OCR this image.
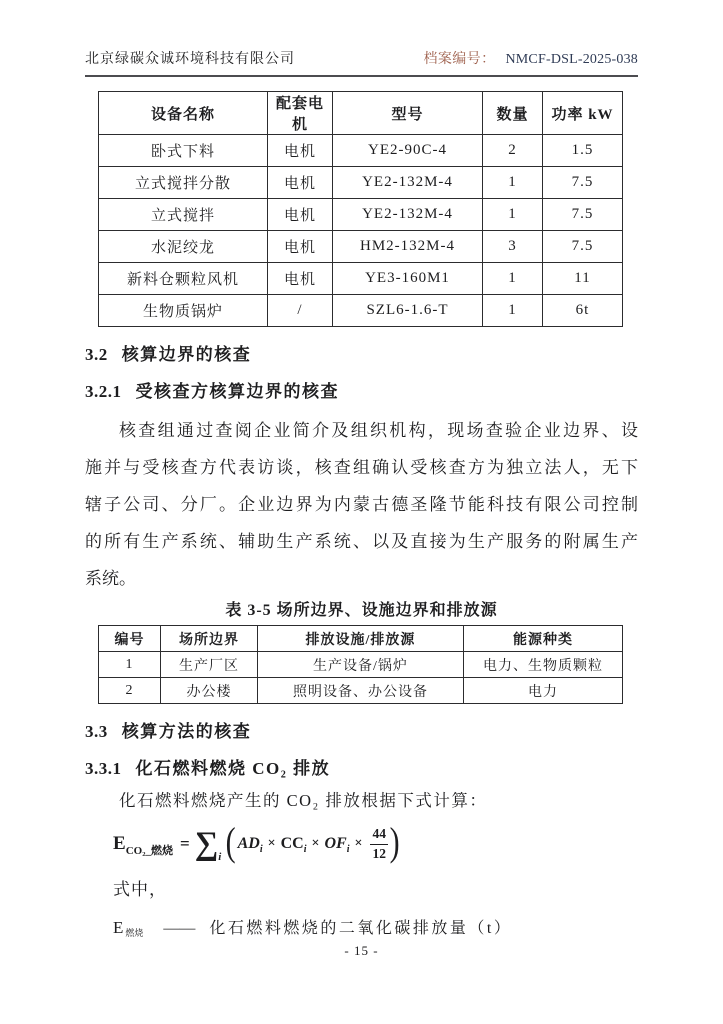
北京绿碳众诚环境科技有限公司	档案编号： NMCF-DSL-2025-038
设备名称	配套电机	型号	数量	功率 kW
卧式下料	电机	YE2-90C-4	2	1.5
立式搅拌分散	电机	YE2-132M-4	1	7.5
立式搅拌	电机	YE2-132M-4	1	7.5
水泥绞龙	电机	HM2-132M-4	3	7.5
新料仓颗粒风机	电机	YE3-160M1	1	11
生物质锅炉	/	SZL6-1.6-T	1	6t
3.2 核算边界的核查
3.2.1 受核查方核算边界的核查
核查组通过查阅企业简介及组织机构，现场查验企业边界、设
施并与受核查方代表访谈，核查组确认受核查方为独立法人，无下
辖子公司、分厂。企业边界为内蒙古德圣隆节能科技有限公司控制
的所有生产系统、辅助生产系统、以及直接为生产服务的附属生产
系统。
表 3-5 场所边界、设施边界和排放源
编号	场所边界	排放设施/排放源	能源种类
1	生产厂区	生产设备/锅炉	电力、生物质颗粒
2	办公楼	照明设备、办公设备	电力
3.3 核算方法的核查
3.3.1 化石燃料燃烧 CO₂ 排放
化石燃料燃烧产生的 CO₂ 排放根据下式计算：
E CO₂_燃烧 = ∑ i ( AD i × CC i × OF $i \times \frac{44}{12}$ )
式中，
E 燃烧 —— 化石燃料燃烧的二氧化碳排放量（t）
- 15 -
